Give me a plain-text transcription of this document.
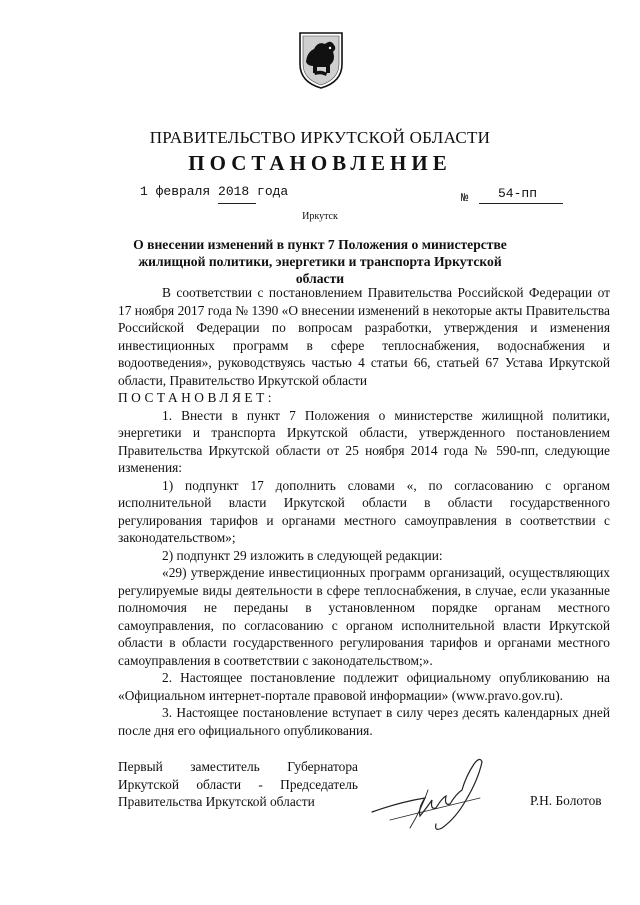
ПРАВИТЕЛЬСТВО ИРКУТСКОЙ ОБЛАСТИ
ПОСТАНОВЛЕНИЕ
1 февраля 2018 года	№ 54-пп
Иркутск
О внесении изменений в пункт 7 Положения о министерстве жилищной политики, энергетики и транспорта Иркутской области

В соответствии с постановлением Правительства Российской Федерации от 17 ноября 2017 года № 1390 «О внесении изменений в некоторые акты Правительства Российской Федерации по вопросам разработки, утверждения и изменения инвестиционных программ в сфере теплоснабжения, водоснабжения и водоотведения», руководствуясь частью 4 статьи 66, статьей 67 Устава Иркутской области, Правительство Иркутской области

ПОСТАНОВЛЯЕТ:

1. Внести в пункт 7 Положения о министерстве жилищной политики, энергетики и транспорта Иркутской области, утвержденного постановлением Правительства Иркутской области от 25 ноября 2014 года № 590-пп, следующие изменения:

1) подпункт 17 дополнить словами «, по согласованию с органом исполнительной власти Иркутской области в области государственного регулирования тарифов и органами местного самоуправления в соответствии с законодательством»;

2) подпункт 29 изложить в следующей редакции:

«29) утверждение инвестиционных программ организаций, осуществляющих регулируемые виды деятельности в сфере теплоснабжения, в случае, если указанные полномочия не переданы в установленном порядке органам местного самоуправления, по согласованию с органом исполнительной власти Иркутской области в области государственного регулирования тарифов и органами местного самоуправления в соответствии с законодательством;».

2. Настоящее постановление подлежит официальному опубликованию на «Официальном интернет-портале правовой информации» (www.pravo.gov.ru).

3. Настоящее постановление вступает в силу через десять календарных дней после дня его официального опубликования.

Первый заместитель Губернатора
Иркутской области - Председатель
Правительства Иркутской области	Р.Н. Болотов
